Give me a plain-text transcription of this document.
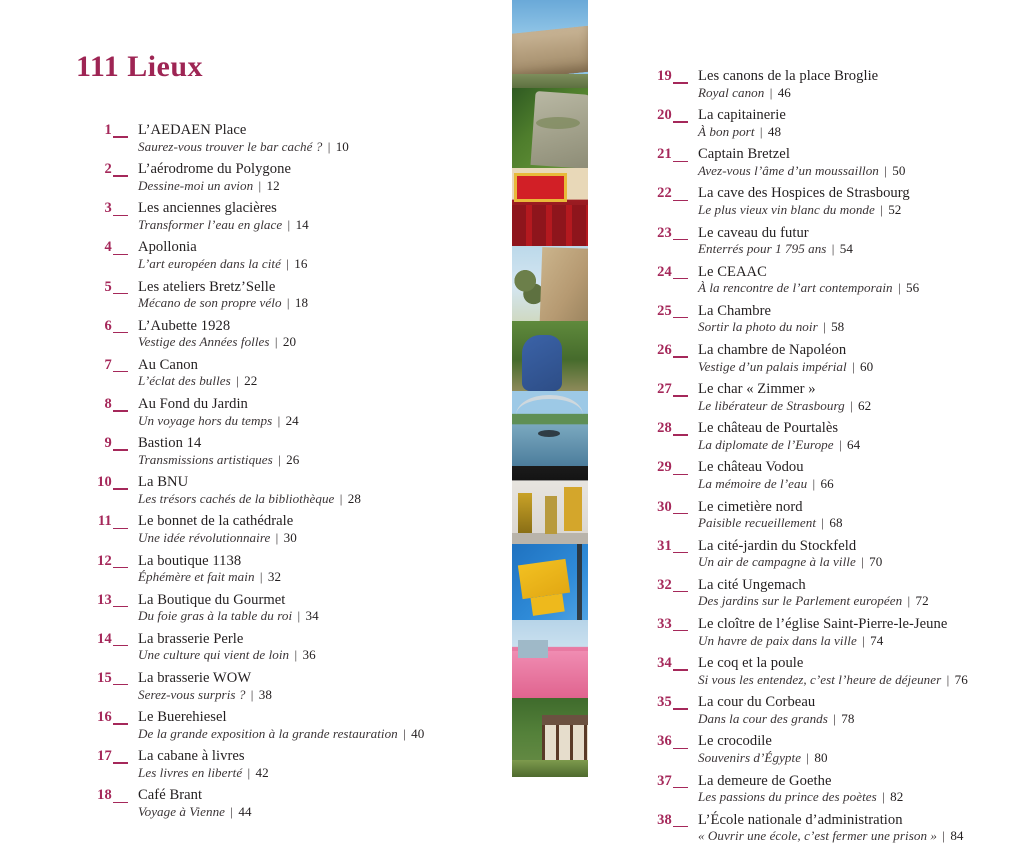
111 Lieux
1 L’AEDAEN Place
Saurez-vous trouver le bar caché ? | 10
2 L’aérodrome du Polygone
Dessine-moi un avion | 12
3 Les anciennes glacières
Transformer l’eau en glace | 14
4 Apollonia
L’art européen dans la cité | 16
5 Les ateliers Bretz’Selle
Mécano de son propre vélo | 18
6 L’Aubette 1928
Vestige des Années folles | 20
7 Au Canon
L’éclat des bulles | 22
8 Au Fond du Jardin
Un voyage hors du temps | 24
9 Bastion 14
Transmissions artistiques | 26
10 La BNU
Les trésors cachés de la bibliothèque | 28
11 Le bonnet de la cathédrale
Une idée révolutionnaire | 30
12 La boutique 1138
Éphémère et fait main | 32
13 La Boutique du Gourmet
Du foie gras à la table du roi | 34
14 La brasserie Perle
Une culture qui vient de loin | 36
15 La brasserie WOW
Serez-vous surpris ? | 38
16 Le Buerehiesel
De la grande exposition à la grande restauration | 40
17 La cabane à livres
Les livres en liberté | 42
18 Café Brant
Voyage à Vienne | 44
19 Les canons de la place Broglie
Royal canon | 46
20 La capitainerie
À bon port | 48
21 Captain Bretzel
Avez-vous l’âme d’un moussaillon | 50
22 La cave des Hospices de Strasbourg
Le plus vieux vin blanc du monde | 52
23 Le caveau du futur
Enterrés pour 1 795 ans | 54
24 Le CEAAC
À la rencontre de l’art contemporain | 56
25 La Chambre
Sortir la photo du noir | 58
26 La chambre de Napoléon
Vestige d’un palais impérial | 60
27 Le char « Zimmer »
Le libérateur de Strasbourg | 62
28 Le château de Pourtalès
La diplomate de l’Europe | 64
29 Le château Vodou
La mémoire de l’eau | 66
30 Le cimetière nord
Paisible recueillement | 68
31 La cité-jardin du Stockfeld
Un air de campagne à la ville | 70
32 La cité Ungemach
Des jardins sur le Parlement européen | 72
33 Le cloître de l’église Saint-Pierre-le-Jeune
Un havre de paix dans la ville | 74
34 Le coq et la poule
Si vous les entendez, c’est l’heure de déjeuner | 76
35 La cour du Corbeau
Dans la cour des grands | 78
36 Le crocodile
Souvenirs d’Égypte | 80
37 La demeure de Goethe
Les passions du prince des poètes | 82
38 L’École nationale d’administration
« Ouvrir une école, c’est fermer une prison » | 84
